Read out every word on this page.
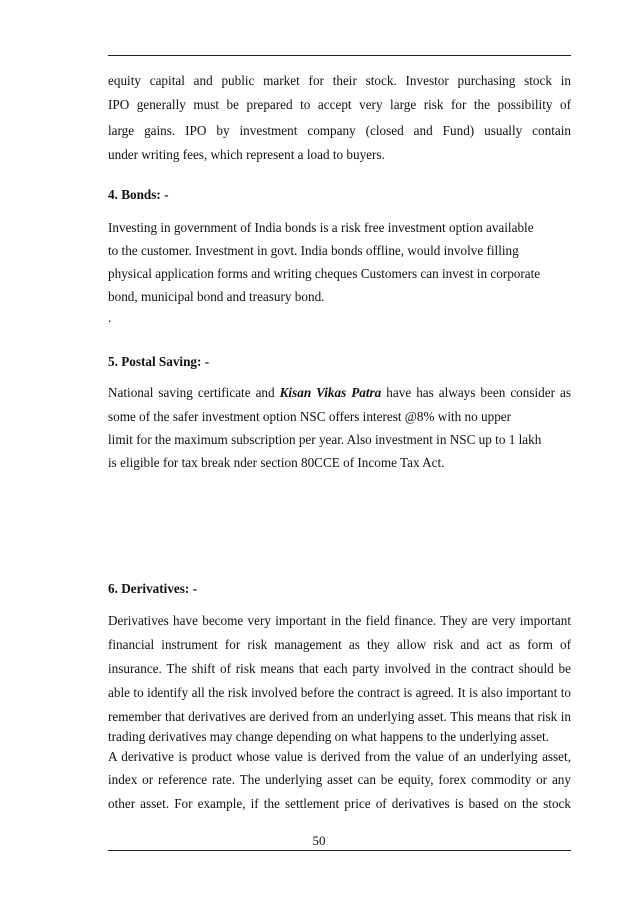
equity capital and public market for their stock. Investor purchasing stock in
IPO generally must be prepared to accept very large risk for the possibility of
large gains. IPO by investment company (closed and Fund) usually contain
under writing fees, which represent a load to buyers.
4. Bonds: -
Investing in government of India bonds is a risk free investment option available
to the customer. Investment in govt. India bonds offline, would involve filling
physical application forms and writing cheques Customers can invest in corporate
bond, municipal bond and treasury bond.
.
5. Postal Saving: -
National saving certificate and Kisan Vikas Patra have has always been consider as
some of the safer investment option NSC offers interest @8% with no upper
limit for the maximum subscription per year. Also investment in NSC up to 1 lakh
is eligible for tax break nder section 80CCE of Income Tax Act.
6. Derivatives: -
Derivatives have become very important in the field finance. They are very important
financial instrument for risk management as they allow risk and act as form of
insurance. The shift of risk means that each party involved in the contract should be
able to identify all the risk involved before the contract is agreed. It is also important to
remember that derivatives are derived from an underlying asset. This means that risk in
trading derivatives may change depending on what happens to the underlying asset.
A derivative is product whose value is derived from the value of an underlying asset,
index or reference rate. The underlying asset can be equity, forex commodity or any
other asset. For example, if the settlement price of derivatives is based on the stock
50
